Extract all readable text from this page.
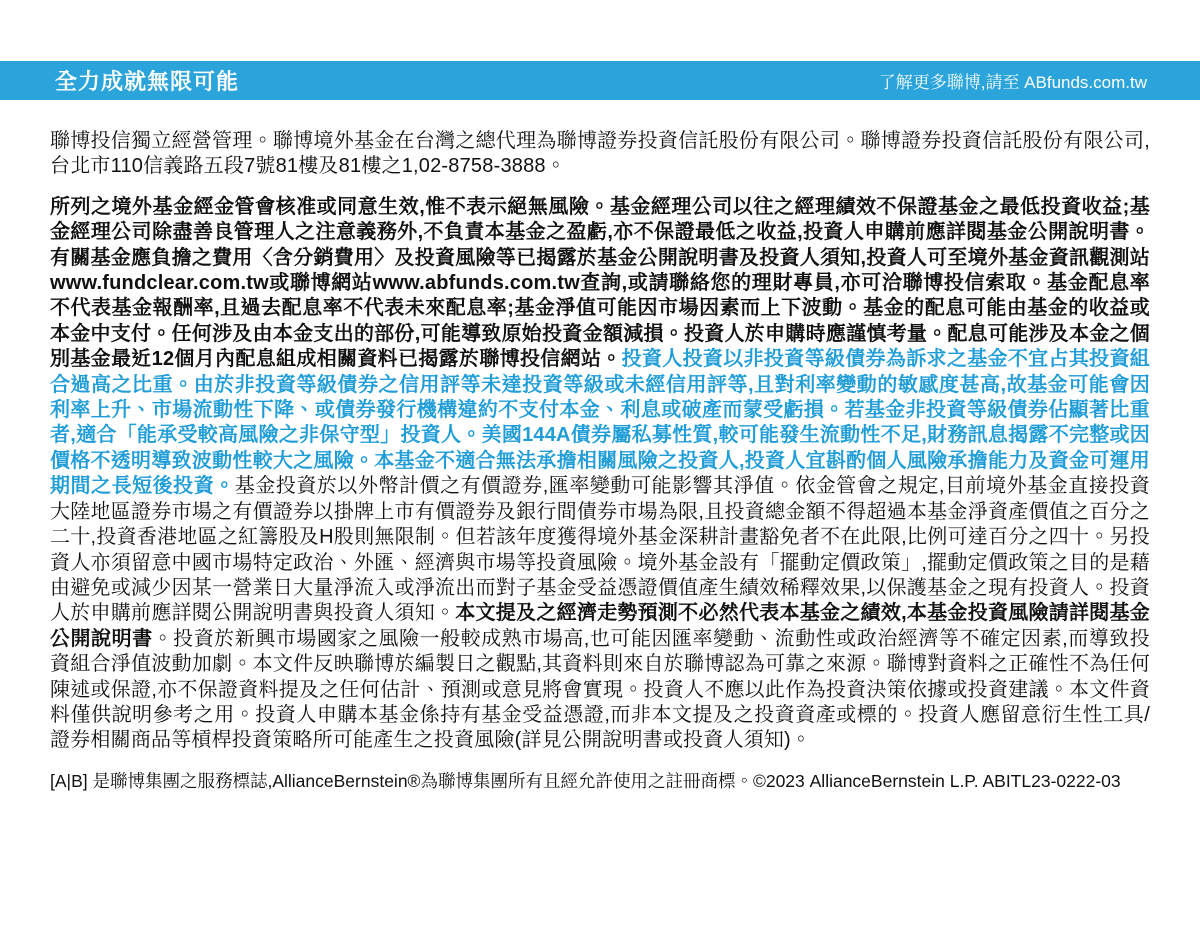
全力成就無限可能	了解更多聯博,請至 ABfunds.com.tw

聯博投信獨立經營管理。聯博境外基金在台灣之總代理為聯博證券投資信託股份有限公司。聯博證券投資信託股份有限公司,台北市110信義路五段7號81樓及81樓之1,02-8758-3888。

所列之境外基金經金管會核准或同意生效,惟不表示絕無風險。基金經理公司以往之經理績效不保證基金之最低投資收益;基金經理公司除盡善良管理人之注意義務外,不負責本基金之盈虧,亦不保證最低之收益,投資人申購前應詳閱基金公開說明書。有關基金應負擔之費用〈含分銷費用〉及投資風險等已揭露於基金公開說明書及投資人須知,投資人可至境外基金資訊觀測站www.fundclear.com.tw或聯博網站www.abfunds.com.tw查詢,或請聯絡您的理財專員,亦可洽聯博投信索取。基金配息率不代表基金報酬率,且過去配息率不代表未來配息率;基金淨值可能因市場因素而上下波動。基金的配息可能由基金的收益或本金中支付。任何涉及由本金支出的部份,可能導致原始投資金額減損。投資人於申購時應謹慎考量。配息可能涉及本金之個別基金最近12個月內配息組成相關資料已揭露於聯博投信網站。投資人投資以非投資等級債券為訴求之基金不宜占其投資組合過高之比重。由於非投資等級債券之信用評等未達投資等級或未經信用評等,且對利率變動的敏感度甚高,故基金可能會因利率上升、市場流動性下降、或債券發行機構違約不支付本金、利息或破產而蒙受虧損。若基金非投資等級債券佔顯著比重者,適合「能承受較高風險之非保守型」投資人。美國144A債券屬私募性質,較可能發生流動性不足,財務訊息揭露不完整或因價格不透明導致波動性較大之風險。本基金不適合無法承擔相關風險之投資人,投資人宜斟酌個人風險承擔能力及資金可運用期間之長短後投資。基金投資於以外幣計價之有價證券,匯率變動可能影響其淨值。依金管會之規定,目前境外基金直接投資大陸地區證券市場之有價證券以掛牌上市有價證券及銀行間債券市場為限,且投資總金額不得超過本基金淨資產價值之百分之二十,投資香港地區之紅籌股及H股則無限制。但若該年度獲得境外基金深耕計畫豁免者不在此限,比例可達百分之四十。另投資人亦須留意中國市場特定政治、外匯、經濟與市場等投資風險。境外基金設有「擺動定價政策」,擺動定價政策之目的是藉由避免或減少因某一營業日大量淨流入或淨流出而對子基金受益憑證價值產生績效稀釋效果,以保護基金之現有投資人。投資人於申購前應詳閱公開說明書與投資人須知。本文提及之經濟走勢預測不必然代表本基金之績效,本基金投資風險請詳閱基金公開說明書。投資於新興市場國家之風險一般較成熟市場高,也可能因匯率變動、流動性或政治經濟等不確定因素,而導致投資組合淨值波動加劇。本文件反映聯博於編製日之觀點,其資料則來自於聯博認為可靠之來源。聯博對資料之正確性不為任何陳述或保證,亦不保證資料提及之任何估計、預測或意見將會實現。投資人不應以此作為投資決策依據或投資建議。本文件資料僅供說明參考之用。投資人申購本基金係持有基金受益憑證,而非本文提及之投資資產或標的。投資人應留意衍生性工具/證券相關商品等槓桿投資策略所可能產生之投資風險(詳見公開說明書或投資人須知)。

[A|B] 是聯博集團之服務標誌,AllianceBernstein®為聯博集團所有且經允許使用之註冊商標。©2023 AllianceBernstein L.P. ABITL23-0222-03
